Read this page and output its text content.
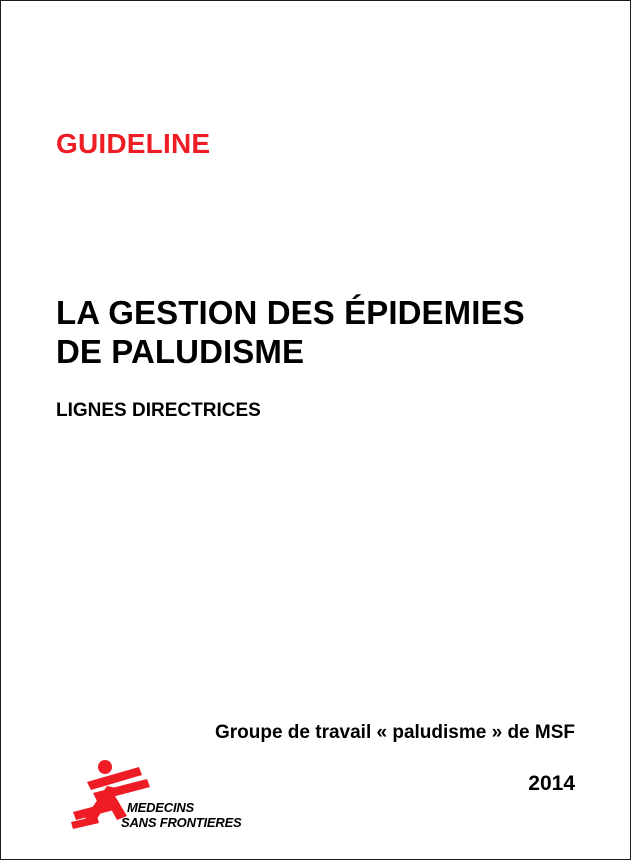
GUIDELINE
LA GESTION DES ÉPIDEMIES
DE PALUDISME
LIGNES DIRECTRICES
Groupe de travail « paludisme » de MSF
2014
MEDECINS
SANS FRONTIERES
